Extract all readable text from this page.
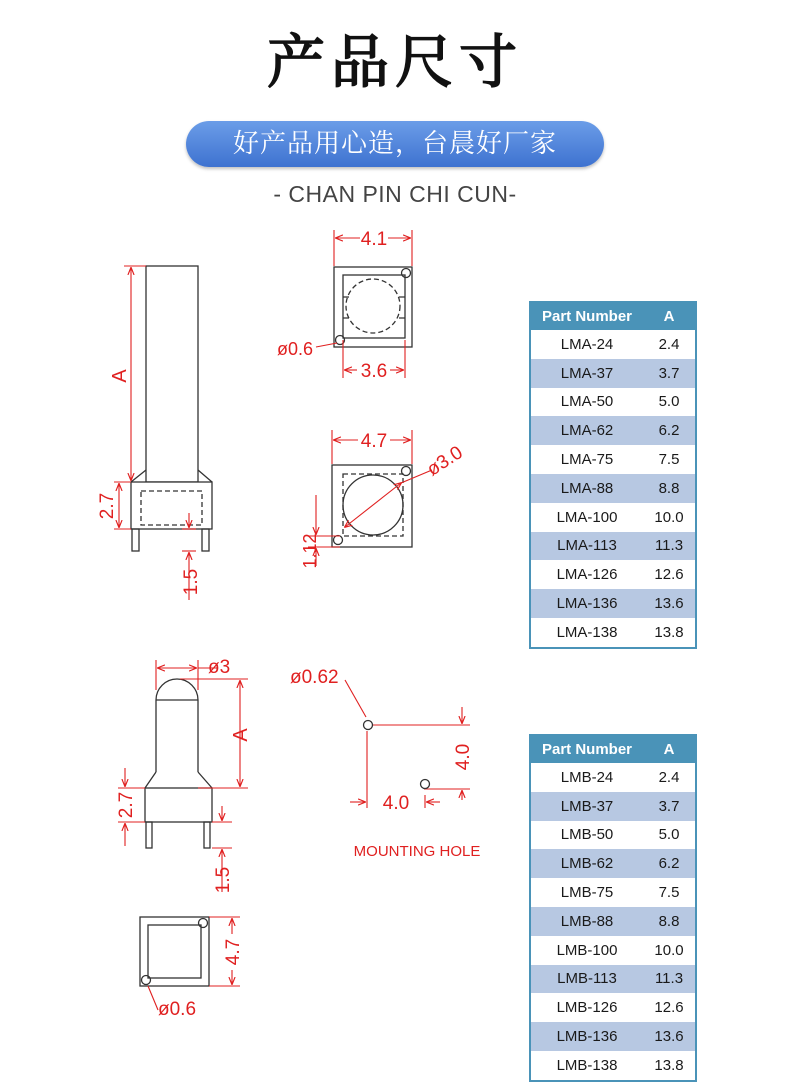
产品尺寸
好产品用心造，台晨好厂家
- CHAN PIN CHI CUN-
A
2.7
1.5
4.1
3.6
ø0.6
4.7
ø3.0
1.12
ø3
A
2.7
1.5
4.7
ø0.6
ø0.62
4.0
4.0
MOUNTING HOLE
Part Number	A
LMA-24	2.4
LMA-37	3.7
LMA-50	5.0
LMA-62	6.2
LMA-75	7.5
LMA-88	8.8
LMA-100	10.0
LMA-113	11.3
LMA-126	12.6
LMA-136	13.6
LMA-138	13.8
Part Number	A
LMB-24	2.4
LMB-37	3.7
LMB-50	5.0
LMB-62	6.2
LMB-75	7.5
LMB-88	8.8
LMB-100	10.0
LMB-113	11.3
LMB-126	12.6
LMB-136	13.6
LMB-138	13.8
